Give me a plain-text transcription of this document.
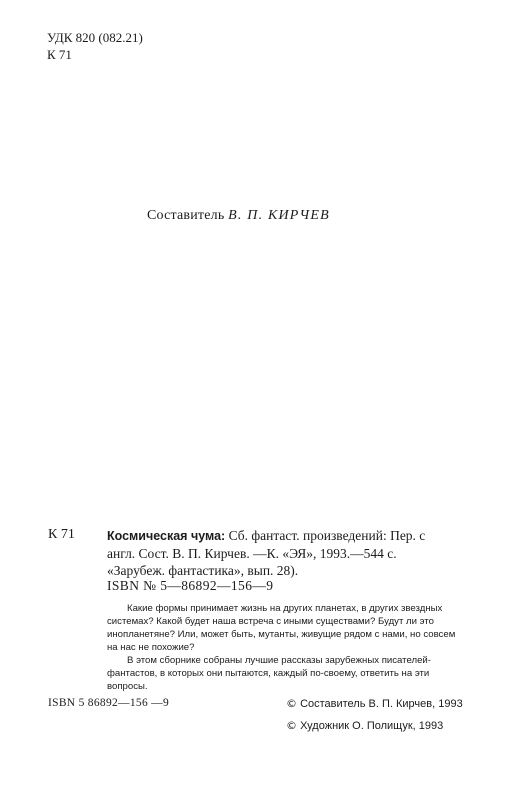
УДК 820 (082.21)
К 71
Составитель В. П. КИРЧЕВ
К 71	Космическая чума: Сб. фантаст. произведений: Пер. с англ. Сост. В. П. Кирчев. —К. «ЭЯ», 1993.—544 с. «Зарубеж. фантастика», вып. 28).
ISBN № 5—86892—156—9

Какие формы принимает жизнь на других планетах, в других звездных системах? Какой будет наша встреча с иными существами? Будут ли это инопланетяне? Или, может быть, мутанты, живущие рядом с нами, но совсем на нас не похожие?

В этом сборнике собраны лучшие рассказы зарубежных писателей-фантастов, в которых они пытаются, каждый по-своему, ответить на эти вопросы.

ISBN 5 86892—156 —9	© Составитель В. П. Кирчев, 1993
© Художник О. Полищук, 1993
